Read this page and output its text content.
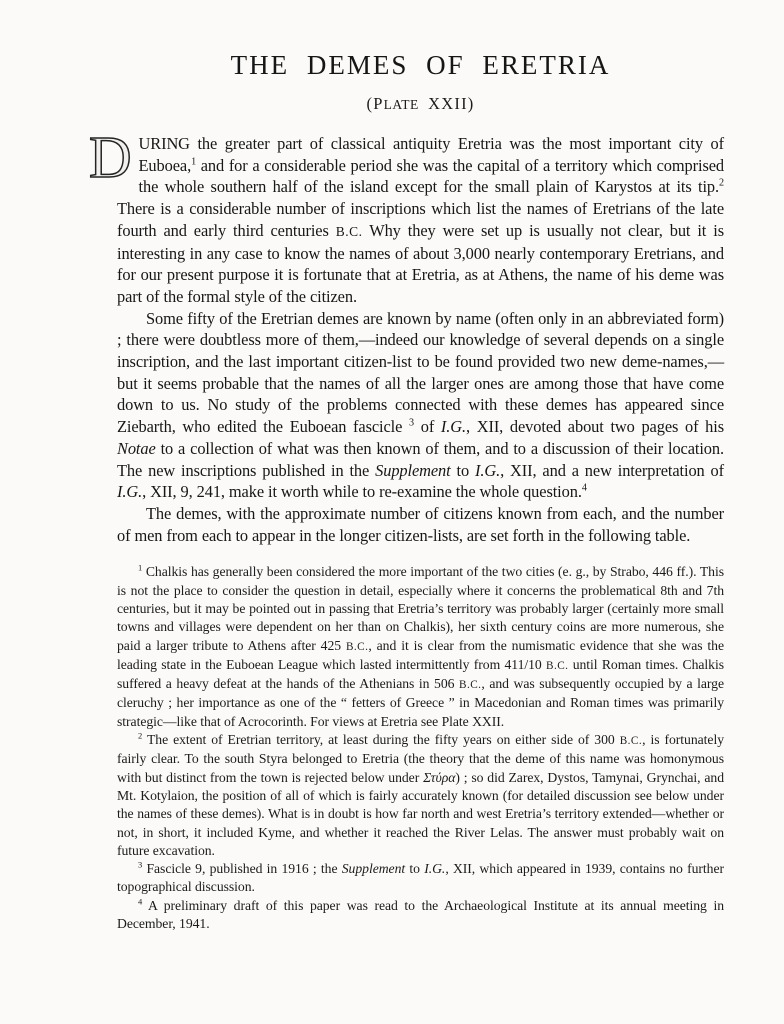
THE DEMES OF ERETRIA
(PLATE XXII)

DURING the greater part of classical antiquity Eretria was the most important city of Euboea,$^1$ and for a considerable period she was the capital of a territory which comprised the whole southern half of the island except for the small plain of Karystos at its tip.$^2$ There is a considerable number of inscriptions which list the names of Eretrians of the late fourth and early third centuries B.C. Why they were set up is usually not clear, but it is interesting in any case to know the names of about 3,000 nearly contemporary Eretrians, and for our present purpose it is fortunate that at Eretria, as at Athens, the name of his deme was part of the formal style of the citizen.

Some fifty of the Eretrian demes are known by name (often only in an abbreviated form) ; there were doubtless more of them,—indeed our knowledge of several depends on a single inscription, and the last important citizen-list to be found provided two new deme-names,—but it seems probable that the names of all the larger ones are among those that have come down to us. No study of the problems connected with these demes has appeared since Ziebarth, who edited the Euboean fascicle $^3$ of I.G., XII, devoted about two pages of his Notae to a collection of what was then known of them, and to a discussion of their location. The new inscriptions published in the Supplement to I.G., XII, and a new interpretation of I.G., XII, 9, 241, make it worth while to re-examine the whole question.$^4$

The demes, with the approximate number of citizens known from each, and the number of men from each to appear in the longer citizen-lists, are set forth in the following table.

$^1$ Chalkis has generally been considered the more important of the two cities (e. g., by Strabo, 446 ff.). This is not the place to consider the question in detail, especially where it concerns the problematical 8th and 7th centuries, but it may be pointed out in passing that Eretria’s territory was probably larger (certainly more small towns and villages were dependent on her than on Chalkis), her sixth century coins are more numerous, she paid a larger tribute to Athens after 425 B.C., and it is clear from the numismatic evidence that she was the leading state in the Euboean League which lasted intermittently from 411/10 B.C. until Roman times. Chalkis suffered a heavy defeat at the hands of the Athenians in 506 B.C., and was subsequently occupied by a large cleruchy ; her importance as one of the “ fetters of Greece ” in Macedonian and Roman times was primarily strategic—like that of Acrocorinth. For views at Eretria see Plate XXII.

$^2$ The extent of Eretrian territory, at least during the fifty years on either side of 300 B.C., is fortunately fairly clear. To the south Styra belonged to Eretria (the theory that the deme of this name was homonymous with but distinct from the town is rejected below under Στύρα) ; so did Zarex, Dystos, Tamynai, Grynchai, and Mt. Kotylaion, the position of all of which is fairly accurately known (for detailed discussion see below under the names of these demes). What is in doubt is how far north and west Eretria’s territory extended—whether or not, in short, it included Kyme, and whether it reached the River Lelas. The answer must probably wait on future excavation.

$^3$ Fascicle 9, published in 1916 ; the Supplement to I.G., XII, which appeared in 1939, contains no further topographical discussion.

$^4$ A preliminary draft of this paper was read to the Archaeological Institute at its annual meeting in December, 1941.
